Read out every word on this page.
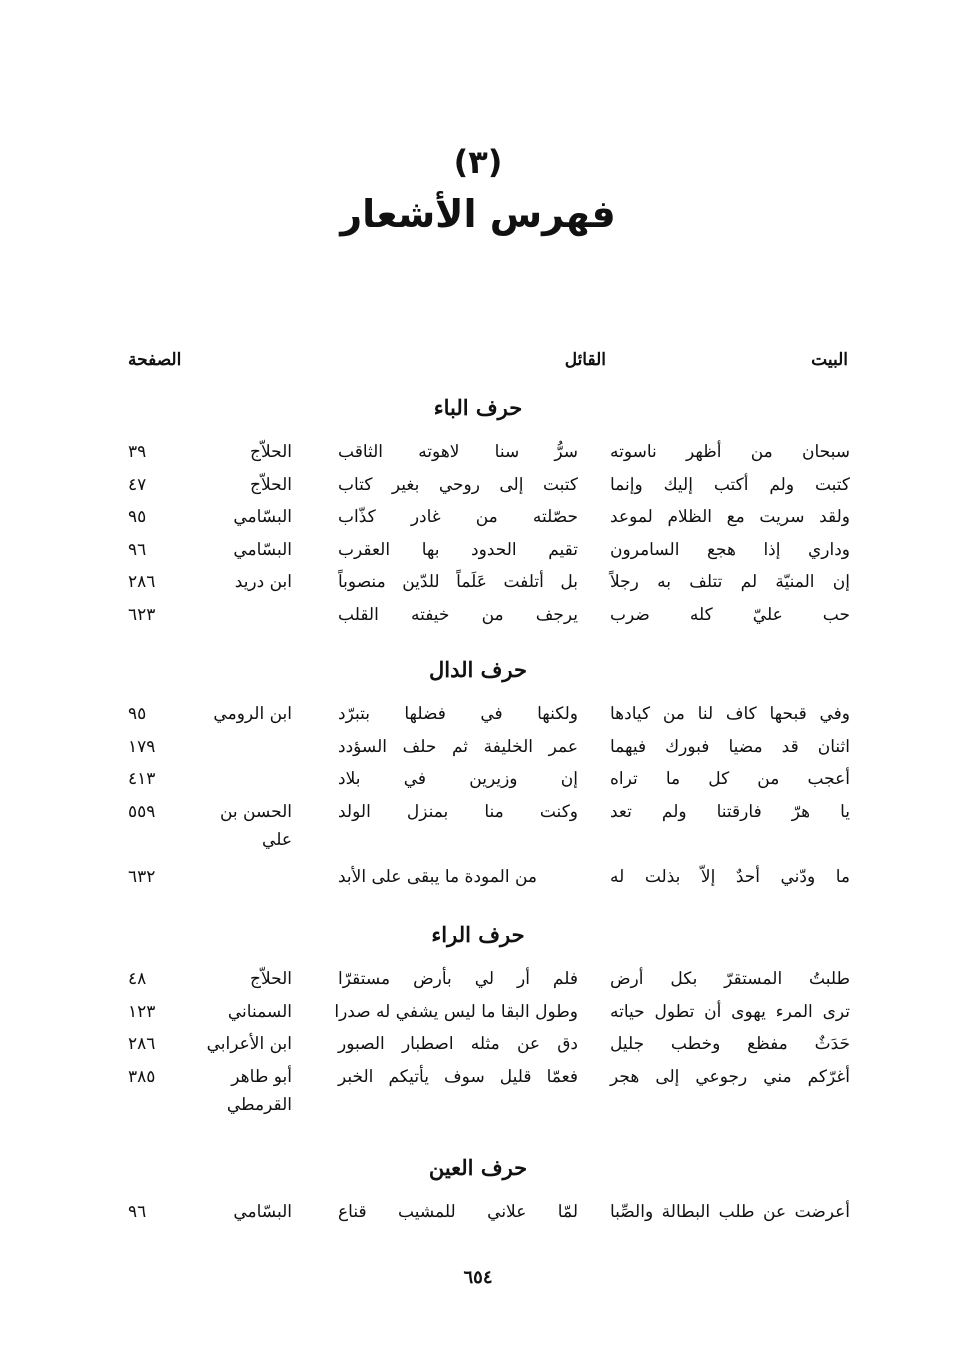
(٣)
فهرس الأشعار
البيت
القائل
الصفحة
حرف الباء
سبحان من أظهر ناسوته
سرُّ سنا لاهوته الثاقب
الحلاّج
٣٩
كتبت ولم أكتب إليك وإنما
كتبت إلى روحي بغير كتاب
الحلاّج
٤٧
ولقد سريت مع الظلام لموعد
حصّلته من غادر كذّاب
البسّامي
٩٥
وداري إذا هجع السامرون
تقيم الحدود بها العقرب
البسّامي
٩٦
إن المنيّة لم تتلف به رجلاً
بل أتلفت عَلَماً للدّين منصوباً
ابن دريد
٢٨٦
حب عليّ كله ضرب
يرجف من خيفته القلب
٦٢٣
حرف الدال
وفي قبحها كاف لنا من كيادها
ولكنها في فضلها بتبرّد
ابن الرومي
٩٥
اثنان قد مضيا فبورك فيهما
عمر الخليفة ثم حلف السؤدد
١٧٩
أعجب من كل ما تراه
إن وزيرين في بلاد
٤١٣
يا هرّ فارقتنا ولم تعد
وكنت منا بمنزل الولد
الحسن بن
علي
٥٥٩
ما ودّني أحدٌ إلاّ بذلت له
من المودة ما يبقى على الأبد
٦٣٢
حرف الراء
طلبتُ المستقرّ بكل أرض
فلم أر لي بأرض مستقرّا
الحلاّج
٤٨
ترى المرء يهوى أن تطول حياته
وطول البقا ما ليس يشفي له صدرا
السمناني
١٢٣
حَدَثٌ مفظع وخطب جليل
دق عن مثله اصطبار الصبور
ابن الأعرابي
٢٨٦
أغرّكم مني رجوعي إلى هجر
فعمّا قليل سوف يأتيكم الخبر
أبو طاهر
القرمطي
٣٨٥
حرف العين
أعرضت عن طلب البطالة والصِّبا
لمّا علاني للمشيب قناع
البسّامي
٩٦
٦٥٤
